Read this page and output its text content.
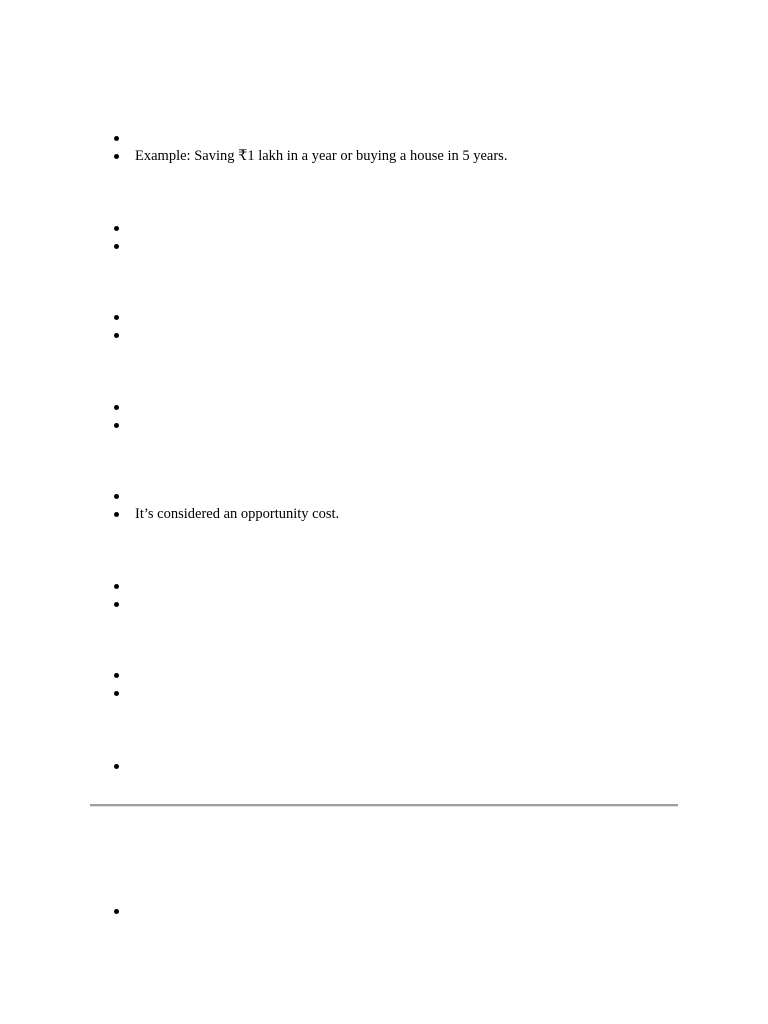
Example: Saving ₹1 lakh in a year or buying a house in 5 years.
It’s considered an opportunity cost.
